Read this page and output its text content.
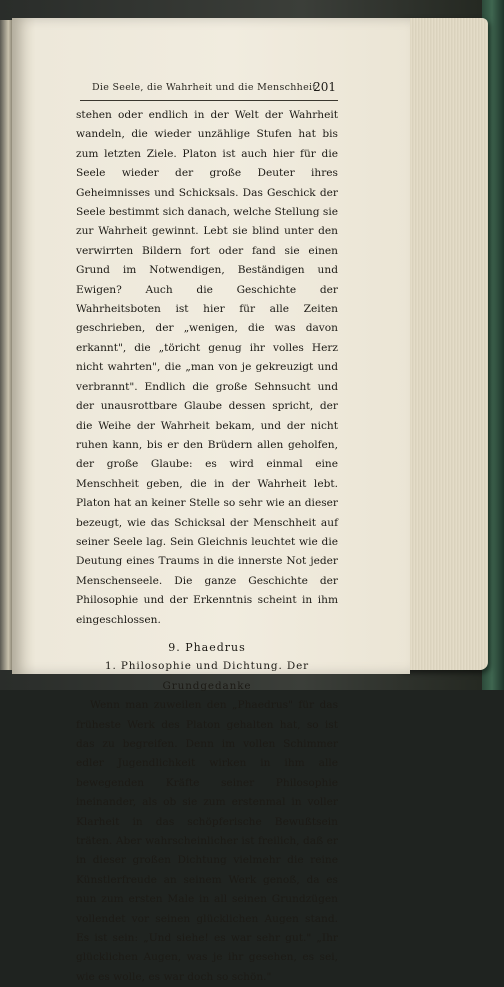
Die Seele, die Wahrheit und die Menschheit
201

stehen oder endlich in der Welt der Wahrheit wandeln, die wieder unzählige Stufen hat bis zum letzten Ziele. Platon ist auch hier für die Seele wieder der große Deuter ihres Geheimnisses und Schicksals. Das Geschick der Seele bestimmt sich danach, welche Stellung sie zur Wahrheit gewinnt. Lebt sie blind unter den verwirrten Bildern fort oder fand sie einen Grund im Notwendigen, Beständigen und Ewigen? Auch die Geschichte der Wahrheitsboten ist hier für alle Zeiten geschrieben, der „wenigen, die was davon erkannt", die „töricht genug ihr volles Herz nicht wahrten", die „man von je gekreuzigt und verbrannt". Endlich die große Sehnsucht und der unausrottbare Glaube dessen spricht, der die Weihe der Wahrheit bekam, und der nicht ruhen kann, bis er den Brüdern allen geholfen, der große Glaube: es wird einmal eine Menschheit geben, die in der Wahrheit lebt. Platon hat an keiner Stelle so sehr wie an dieser bezeugt, wie das Schicksal der Menschheit auf seiner Seele lag. Sein Gleichnis leuchtet wie die Deutung eines Traums in die innerste Not jeder Menschenseele. Die ganze Geschichte der Philosophie und der Erkenntnis scheint in ihm eingeschlossen.

9. Phaedrus

1. Philosophie und Dichtung. Der Grundgedanke

Wenn man zuweilen den „Phaedrus" für das früheste Werk des Platon gehalten hat, so ist das zu begreifen. Denn im vollen Schimmer edler Jugendlichkeit wirken in ihm alle bewegenden Kräfte seiner Philosophie ineinander, als ob sie zum erstenmal in voller Klarheit in das schöpferische Bewußtsein träten. Aber wahrscheinlicher ist freilich, daß er in dieser großen Dichtung vielmehr die reine Künstlerfreude an seinem Werk genoß, da es nun zum ersten Male in all seinen Grundzügen vollendet vor seinen glücklichen Augen stand. Es ist sein: „Und siehe! es war sehr gut." „Ihr glücklichen Augen, was je ihr gesehen, es sei, wie es wolle, es war doch so schön."
